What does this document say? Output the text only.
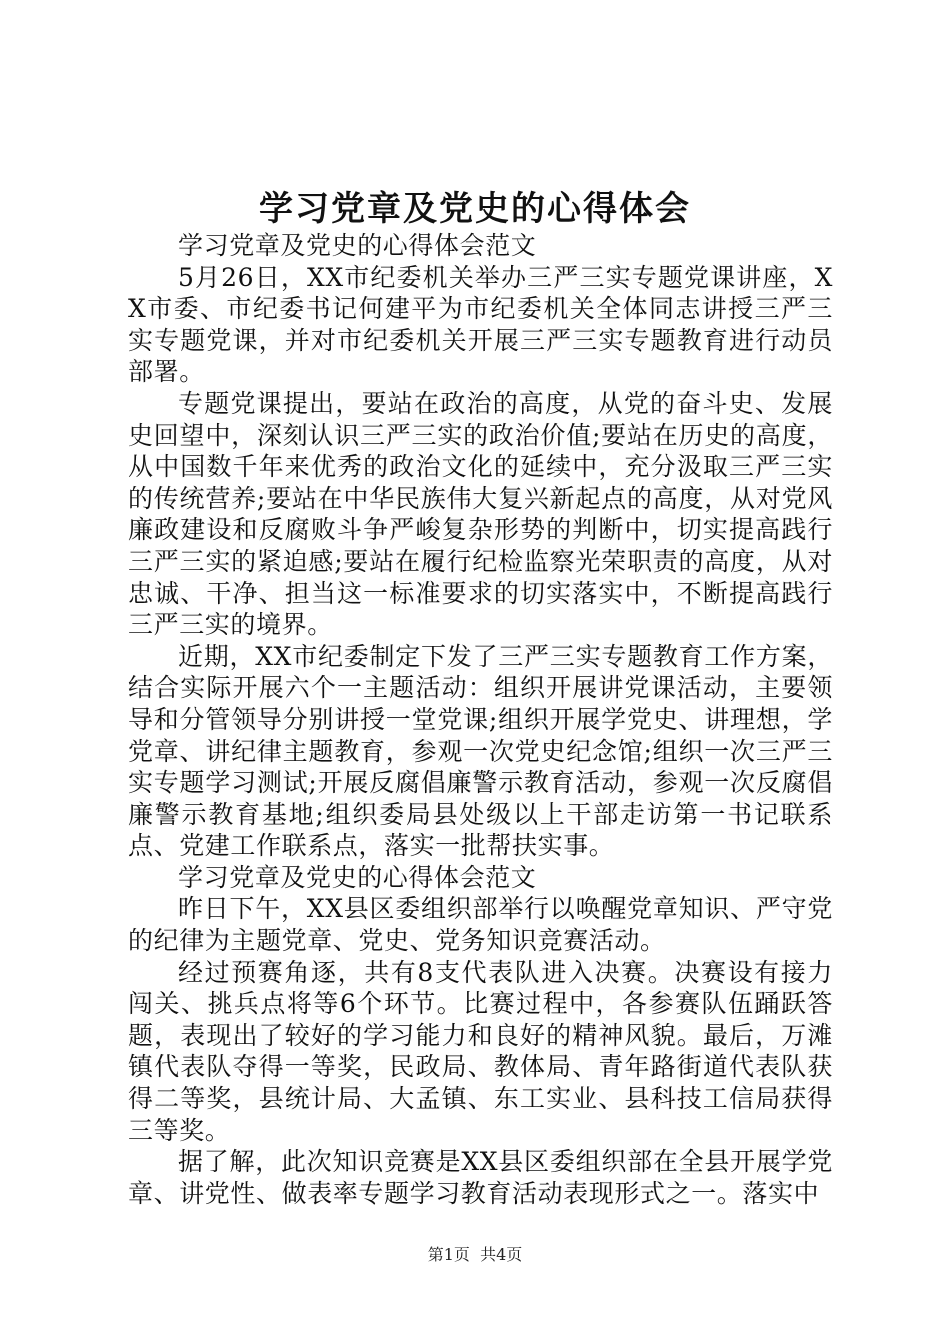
学习党章及党史的心得体会

学习党章及党史的心得体会范文

5月26日，XX市纪委机关举办三严三实专题党课讲座，XX市委、市纪委书记何建平为市纪委机关全体同志讲授三严三实专题党课，并对市纪委机关开展三严三实专题教育进行动员部署。

专题党课提出，要站在政治的高度，从党的奋斗史、发展史回望中，深刻认识三严三实的政治价值;要站在历史的高度，从中国数千年来优秀的政治文化的延续中，充分汲取三严三实的传统营养;要站在中华民族伟大复兴新起点的高度，从对党风廉政建设和反腐败斗争严峻复杂形势的判断中，切实提高践行三严三实的紧迫感;要站在履行纪检监察光荣职责的高度，从对忠诚、干净、担当这一标准要求的切实落实中，不断提高践行三严三实的境界。

近期，XX市纪委制定下发了三严三实专题教育工作方案，结合实际开展六个一主题活动：组织开展讲党课活动，主要领导和分管领导分别讲授一堂党课;组织开展学党史、讲理想，学党章、讲纪律主题教育，参观一次党史纪念馆;组织一次三严三实专题学习测试;开展反腐倡廉警示教育活动，参观一次反腐倡廉警示教育基地;组织委局县处级以上干部走访第一书记联系点、党建工作联系点，落实一批帮扶实事。

学习党章及党史的心得体会范文

昨日下午，XX县区委组织部举行以唤醒党章知识、严守党的纪律为主题党章、党史、党务知识竞赛活动。

经过预赛角逐，共有8支代表队进入决赛。决赛设有接力闯关、挑兵点将等6个环节。比赛过程中，各参赛队伍踊跃答题，表现出了较好的学习能力和良好的精神风貌。最后，万滩镇代表队夺得一等奖，民政局、教体局、青年路街道代表队获得二等奖，县统计局、大孟镇、东工实业、县科技工信局获得三等奖。

据了解，此次知识竞赛是XX县区委组织部在全县开展学党章、讲党性、做表率专题学习教育活动表现形式之一。落实中

第1页  共4页
